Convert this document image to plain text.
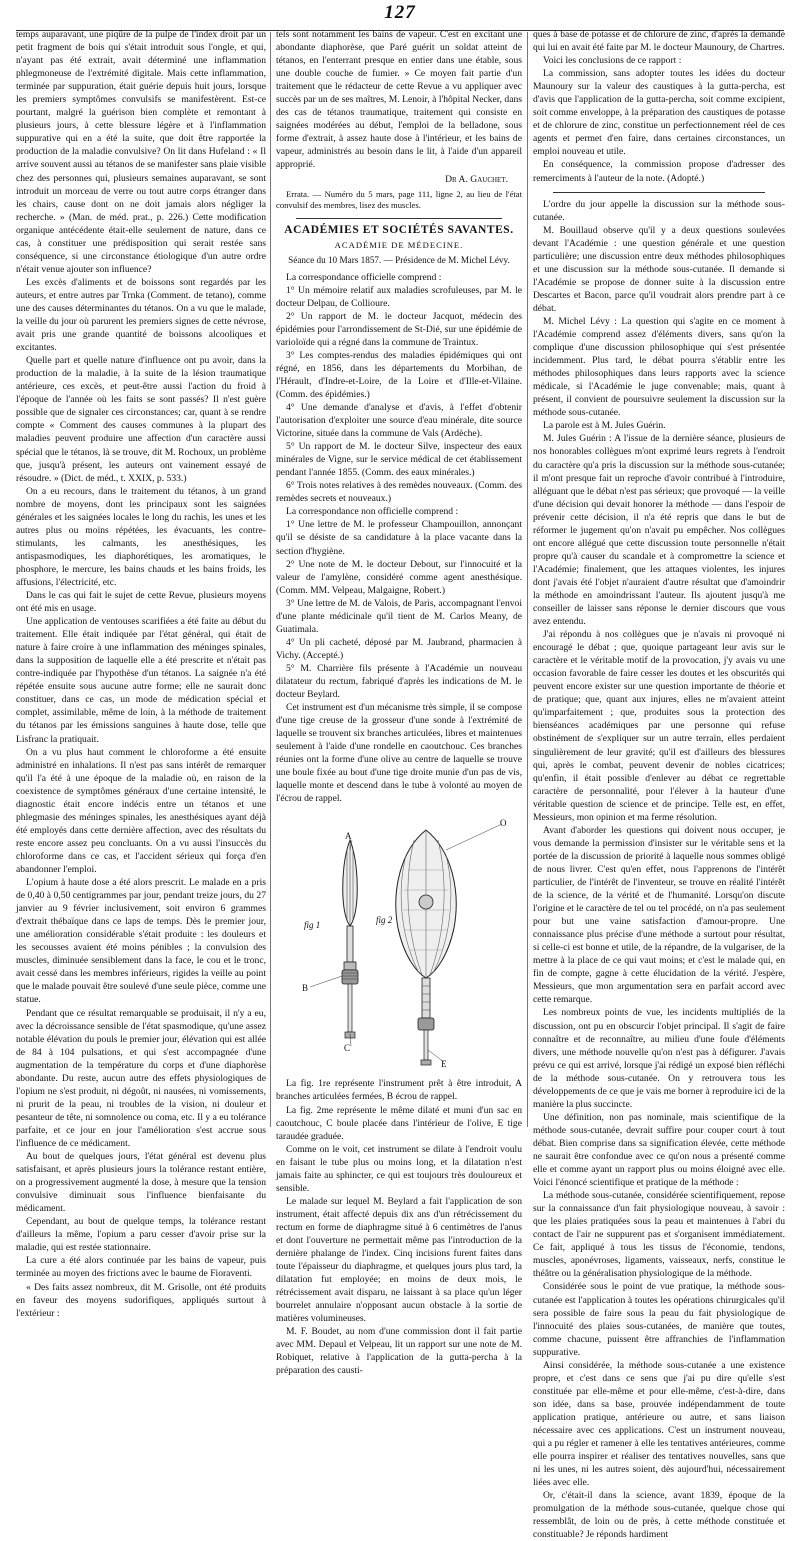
127

temps auparavant, une piqûre de la pulpe de l'index droit par un petit fragment de bois qui s'était introduit sous l'ongle, et qui, n'ayant pas été extrait, avait déterminé une inflammation phlegmoneuse de l'extrémité digitale. Mais cette inflammation, terminée par suppuration, était guérie depuis huit jours, lorsque les premiers symptômes convulsifs se manifestèrent. Est-ce pourtant, malgré la guérison bien complète et remontant à plusieurs jours, à cette blessure légère et à l'inflammation suppurative qui en a été la suite, que doit être rapportée la production de la maladie convulsive? On lit dans Hufeland : « Il arrive souvent aussi au tétanos de se manifester sans plaie visible chez des personnes qui, plusieurs semaines auparavant, se sont introduit un morceau de verre ou tout autre corps étranger dans les chairs, cause dont on ne doit jamais alors négliger la recherche. » (Man. de méd. prat., p. 226.) Cette modification organique antécédente était-elle seulement de nature, dans ce cas, à constituer une prédisposition qui serait restée sans conséquence, si une circonstance étiologique d'un autre ordre n'était venue ajouter son influence?

Les excès d'aliments et de boissons sont regardés par les auteurs, et entre autres par Trnka (Comment. de tetano), comme une des causes déterminantes du tétanos. On a vu que le malade, la veille du jour où parurent les premiers signes de cette névrose, avait pris une grande quantité de boissons alcooliques et excitantes.

Quelle part et quelle nature d'influence ont pu avoir, dans la production de la maladie, à la suite de la lésion traumatique antérieure, ces excès, et peut-être aussi l'action du froid à l'époque de l'année où les faits se sont passés? Il n'est guère possible que de signaler ces circonstances; car, quant à se rendre compte « Comment des causes communes à la plupart des maladies peuvent produire une affection d'un caractère aussi spécial que le tétanos, là se trouve, dit M. Rochoux, un problème que, jusqu'à présent, les auteurs ont vainement essayé de résoudre. » (Dict. de méd., t. XXIX, p. 533.)

On a eu recours, dans le traitement du tétanos, à un grand nombre de moyens, dont les principaux sont les saignées générales et les saignées locales le long du rachis, les unes et les autres plus ou moins répétées, les évacuants, les contre-stimulants, les calmants, les anesthésiques, les antispasmodiques, les diaphorétiques, les aromatiques, le phosphore, le mercure, les bains chauds et les bains froids, les affusions, l'électricité, etc.

Dans le cas qui fait le sujet de cette Revue, plusieurs moyens ont été mis en usage.

Une application de ventouses scarifiées a été faite au début du traitement. Elle était indiquée par l'état général, qui était de nature à faire croire à une inflammation des méninges spinales, dans la supposition de laquelle elle a été prescrite et n'était pas contre-indiquée par l'hypothèse d'un tétanos. La saignée n'a été répétée ensuite sous aucune autre forme; elle ne saurait donc constituer, dans ce cas, un mode de médication spécial et complet, assimilable, même de loin, à la méthode de traitement du tétanos par les émissions sanguines à haute dose, telle que Lisfranc la pratiquait.

On a vu plus haut comment le chloroforme a été ensuite administré en inhalations. Il n'est pas sans intérêt de remarquer qu'il l'a été à une époque de la maladie où, en raison de la coexistence de symptômes généraux d'une certaine intensité, le diagnostic était encore indécis entre un tétanos et une phlegmasie des méninges spinales, les anesthésiques ayant déjà été employés dans cette dernière affection, avec des résultats du reste encore assez peu concluants. On a vu aussi l'insuccès du chloroforme dans ce cas, et l'accident sérieux qui força d'en abandonner l'emploi.

L'opium à haute dose a été alors prescrit. Le malade en a pris de 0,40 à 0,50 centigrammes par jour, pendant treize jours, du 27 janvier au 9 février inclusivement, soit environ 6 grammes d'extrait thébaïque dans ce laps de temps. Dès le premier jour, une amélioration considérable s'était produite : les douleurs et les secousses avaient été moins pénibles ; la convulsion des muscles, diminuée sensiblement dans la face, le cou et le tronc, avait cessé dans les membres inférieurs, rigides la veille au point que le malade pouvait être soulevé d'une seule pièce, comme une statue.

Pendant que ce résultat remarquable se produisait, il n'y a eu, avec la décroissance sensible de l'état spasmodique, qu'une assez notable élévation du pouls le premier jour, élévation qui est allée de 84 à 104 pulsations, et qui s'est accompagnée d'une augmentation de la température du corps et d'une diaphorèse abondante. Du reste, aucun autre des effets physiologiques de l'opium ne s'est produit, ni dégoût, ni nausées, ni vomissements, ni prurit de la peau, ni troubles de la vision, ni douleur et pesanteur de tête, ni somnolence ou coma, etc. Il y a eu tolérance parfaite, et ce jour en jour l'amélioration s'est accrue sous l'influence de ce médicament.

Au bout de quelques jours, l'état général est devenu plus satisfaisant, et après plusieurs jours la tolérance restant entière, on a progressivement augmenté la dose, à mesure que la tension convulsive diminuait sous l'influence bienfaisante du médicament.

Cependant, au bout de quelque temps, la tolérance restant d'ailleurs la même, l'opium a paru cesser d'avoir prise sur la maladie, qui est restée stationnaire.

La cure a été alors continuée par les bains de vapeur, puis terminée au moyen des frictions avec le baume de Fioraventi.

« Des faits assez nombreux, dit M. Grisolle, ont été produits en faveur des moyens sudorifiques, appliqués surtout à l'extérieur :

tels sont notamment les bains de vapeur. C'est en excitant une abondante diaphorèse, que Paré guérit un soldat atteint de tétanos, en l'enterrant presque en entier dans une étable, sous une double couche de fumier. » Ce moyen fait partie d'un traitement que le rédacteur de cette Revue a vu appliquer avec succès par un de ses maîtres, M. Lenoir, à l'hôpital Necker, dans des cas de tétanos traumatique, traitement qui consiste en saignées modérées au début, l'emploi de la belladone, sous forme d'extrait, à assez haute dose à l'intérieur, et les bains de vapeur, administrés au besoin dans le lit, à l'aide d'un appareil approprié.

Dr A. Gauchet.

Errata. — Numéro du 5 mars, page 111, ligne 2, au lieu de l'état convulsif des membres, lisez des muscles.

ACADÉMIES ET SOCIÉTÉS SAVANTES.
ACADÉMIE DE MÉDECINE.
Séance du 10 Mars 1857. — Présidence de M. Michel Lévy.

La correspondance officielle comprend :

1° Un mémoire relatif aux maladies scrofuleuses, par M. le docteur Delpau, de Collioure.

2° Un rapport de M. le docteur Jacquot, médecin des épidémies pour l'arrondissement de St-Dié, sur une épidémie de varioloïde qui a régné dans la commune de Traintux.

3° Les comptes-rendus des maladies épidémiques qui ont régné, en 1856, dans les départements du Morbihan, de l'Hérault, d'Indre-et-Loire, de la Loire et d'Ille-et-Vilaine. (Comm. des épidémies.)

4° Une demande d'analyse et d'avis, à l'effet d'obtenir l'autorisation d'exploiter une source d'eau minérale, dite source Victorine, située dans la commune de Vals (Ardèche).

5° Un rapport de M. le docteur Silve, inspecteur des eaux minérales de Vigne, sur le service médical de cet établissement pendant l'année 1855. (Comm. des eaux minérales.)

6° Trois notes relatives à des remèdes nouveaux. (Comm. des remèdes secrets et nouveaux.)

La correspondance non officielle comprend :

1° Une lettre de M. le professeur Champouillon, annonçant qu'il se désiste de sa candidature à la place vacante dans la section d'hygiène.

2° Une note de M. le docteur Debout, sur l'innocuité et la valeur de l'amylène, considéré comme agent anesthésique. (Comm. MM. Velpeau, Malgaigne, Robert.)

3° Une lettre de M. de Valois, de Paris, accompagnant l'envoi d'une plante médicinale qu'il tient de M. Carlos Meany, de Guatimala.

4° Un pli cacheté, déposé par M. Jaubrand, pharmacien à Vichy. (Accepté.)

5° M. Charrière fils présente à l'Académie un nouveau dilatateur du rectum, fabriqué d'après les indications de M. le docteur Beylard.

Cet instrument est d'un mécanisme très simple, il se compose d'une tige creuse de la grosseur d'une sonde à l'extrémité de laquelle se trouvent six branches articulées, libres et maintenues seulement à l'aide d'une rondelle en caoutchouc. Ces branches réunies ont la forme d'une olive au centre de laquelle se trouve une boule fixée au bout d'une tige droite munie d'un pas de vis, laquelle monte et descend dans le tube à volonté au moyen de l'écrou de rappel.

fig 1	fig 2
A
B
C
O
E

La fig. 1re représente l'instrument prêt à être introduit, A branches articulées fermées, B écrou de rappel.

La fig. 2me représente le même dilaté et muni d'un sac en caoutchouc, C boule placée dans l'intérieur de l'olive, E tige taraudée graduée.

Comme on le voit, cet instrument se dilate à l'endroit voulu en faisant le tube plus ou moins long, et la dilatation n'est jamais faite au sphincter, ce qui est toujours très douloureux et sensible.

Le malade sur lequel M. Beylard a fait l'application de son instrument, était affecté depuis dix ans d'un rétrécissement du rectum en forme de diaphragme situé à 6 centimètres de l'anus et dont l'ouverture ne permettait même pas l'introduction de la dernière phalange de l'index. Cinq incisions furent faites dans toute l'épaisseur du diaphragme, et quelques jours plus tard, la dilatation fut employée; en moins de deux mois, le rétrécissement avait disparu, ne laissant à sa place qu'un léger bourrelet annulaire n'opposant aucun obstacle à la sortie de matières volumineuses.

M. F. Boudet, au nom d'une commission dont il fait partie avec MM. Depaul et Velpeau, lit un rapport sur une note de M. Robiquet, relative à l'application de la gutta-percha à la préparation des causti-

ques à base de potasse et de chlorure de zinc, d'après la demande qui lui en avait été faite par M. le docteur Maunoury, de Chartres.

Voici les conclusions de ce rapport :

La commission, sans adopter toutes les idées du docteur Maunoury sur la valeur des caustiques à la gutta-percha, est d'avis que l'application de la gutta-percha, soit comme excipient, soit comme enveloppe, à la préparation des caustiques de potasse et de chlorure de zinc, constitue un perfectionnement réel de ces agents et permet d'en faire, dans certaines circonstances, un emploi nouveau et utile.

En conséquence, la commission propose d'adresser des remerciments à l'auteur de la note. (Adopté.)

L'ordre du jour appelle la discussion sur la méthode sous-cutanée.

M. Bouillaud observe qu'il y a deux questions soulevées devant l'Académie : une question générale et une question particulière; une discussion entre deux méthodes philosophiques et une discussion sur la méthode sous-cutanée. Il demande si l'Académie se propose de donner suite à la discussion entre Descartes et Bacon, parce qu'il voudrait alors prendre part à ce débat.

M. Michel Lévy : La question qui s'agite en ce moment à l'Académie comprend assez d'éléments divers, sans qu'on la complique d'une discussion philosophique qui s'est présentée incidemment. Plus tard, le débat pourra s'établir entre les méthodes philosophiques dans leurs rapports avec la science médicale, si l'Académie le juge convenable; mais, quant à présent, il convient de poursuivre seulement la discussion sur la méthode sous-cutanée.

La parole est à M. Jules Guérin.

M. Jules Guérin : A l'issue de la dernière séance, plusieurs de nos honorables collègues m'ont exprimé leurs regrets à l'endroit du caractère qu'a pris la discussion sur la méthode sous-cutanée; il m'ont presque fait un reproche d'avoir contribué à l'introduire, alléguant que le débat n'est pas sérieux; que provoqué — la veille d'une décision qui devait honorer la méthode — dans l'espoir de prévenir cette décision, il n'a été repris que dans le but de réformer le jugement qu'on n'avait pu empêcher. Nos collègues ont encore allégué que cette discussion toute personnelle n'était propre qu'à causer du scandale et à compromettre la science et l'Académie; finalement, que les attaques violentes, les injures dont j'avais été l'objet n'auraient d'autre résultat que d'amoindrir la méthode en amoindrissant l'auteur. Ils ajoutent jusqu'à me conseiller de laisser sans réponse le dernier discours que vous avez entendu.

J'ai répondu à nos collègues que je n'avais ni provoqué ni encouragé le débat ; que, quoique partageant leur avis sur le caractère et le véritable motif de la provocation, j'y avais vu une occasion favorable de faire cesser les doutes et les obscurités qui peuvent encore exister sur une question importante de théorie et de pratique; que, quant aux injures, elles ne m'avaient atteint qu'imparfaitement ; que, produites sous la protection des bienséances académiques par une personne qui refuse obstinément de s'expliquer sur un autre terrain, elles perdaient singulièrement de leur gravité; qu'il est d'ailleurs des blessures qui, après le combat, peuvent devenir de nobles cicatrices; qu'enfin, il était possible d'enlever au débat ce regrettable caractère de personnalité, pour l'élever à la hauteur d'une véritable question de science et de principe. Telle est, en effet, Messieurs, mon opinion et ma ferme résolution.

Avant d'aborder les questions qui doivent nous occuper, je vous demande la permission d'insister sur le véritable sens et la portée de la discussion de priorité à laquelle nous sommes obligé de nous livrer. C'est qu'en effet, nous l'apprenons de l'intérêt particulier, de l'intérêt de l'inventeur, se trouve en réalité l'intérêt de la science, de la vérité et de l'humanité. Lorsqu'on discute l'origine et le caractère de tel ou tel procédé, on n'a pas seulement pour but une vaine satisfaction d'amour-propre. Une connaissance plus précise d'une méthode a surtout pour résultat, si celle-ci est bonne et utile, de la répandre, de la vulgariser, de la mettre à la place de ce qui vaut moins; et c'est le malade qui, en fin de compte, gagne à cette élucidation de la vérité. J'espère, Messieurs, que mon argumentation sera en parfait accord avec cette remarque.

Les nombreux points de vue, les incidents multipliés de la discussion, ont pu en obscurcir l'objet principal. Il s'agit de faire connaître et de reconnaître, au milieu d'une foule d'éléments divers, une méthode nouvelle qu'on n'est pas à défigurer. J'avais prévu ce qui est arrivé, lorsque j'ai rédigé un exposé bien réfléchi de la méthode sous-cutanée. On y retrouvera tous les développements de ce que je vais me borner à reproduire ici de la manière la plus succincte.

Une définition, non pas nominale, mais scientifique de la méthode sous-cutanée, devrait suffire pour couper court à tout débat. Bien comprise dans sa signification élevée, cette méthode ne saurait être confondue avec ce qu'on nous a présenté comme elle et comme ayant un rapport plus ou moins éloigné avec elle. Voici l'énoncé scientifique et pratique de la méthode :

La méthode sous-cutanée, considérée scientifiquement, repose sur la connaissance d'un fait physiologique nouveau, à savoir : que les plaies pratiquées sous la peau et maintenues à l'abri du contact de l'air ne suppurent pas et s'organisent immédiatement. Ce fait, appliqué à tous les tissus de l'économie, tendons, muscles, aponévroses, ligaments, vaisseaux, nerfs, constitue le théâtre ou la généralisation physiologique de la méthode.

Considérée sous le point de vue pratique, la méthode sous-cutanée est l'application à toutes les opérations chirurgicales qu'il sera possible de faire sous la peau du fait physiologique de l'innocuité des plaies sous-cutanées, de manière que toutes, comme chacune, puissent être affranchies de l'inflammation suppurative.

Ainsi considérée, la méthode sous-cutanée a une existence propre, et c'est dans ce sens que j'ai pu dire qu'elle s'est constituée par elle-même et pour elle-même, c'est-à-dire, dans son idée, dans sa base, prouvée indépendamment de toute application pratique, antérieure ou autre, et sans liaison nécessaire avec ces applications. C'est un instrument nouveau, qui a pu régler et ramener à elle les tentatives antérieures, comme elle pourra inspirer et réaliser des tentatives nouvelles, sans que ni les unes, ni les autres soient, dès aujourd'hui, nécessairement liées avec elle.

Or, c'était-il dans la science, avant 1839, époque de la promulgation de la méthode sous-cutanée, quelque chose qui ressemblât, de loin ou de près, à cette méthode constituée et constituable? Je réponds hardiment
